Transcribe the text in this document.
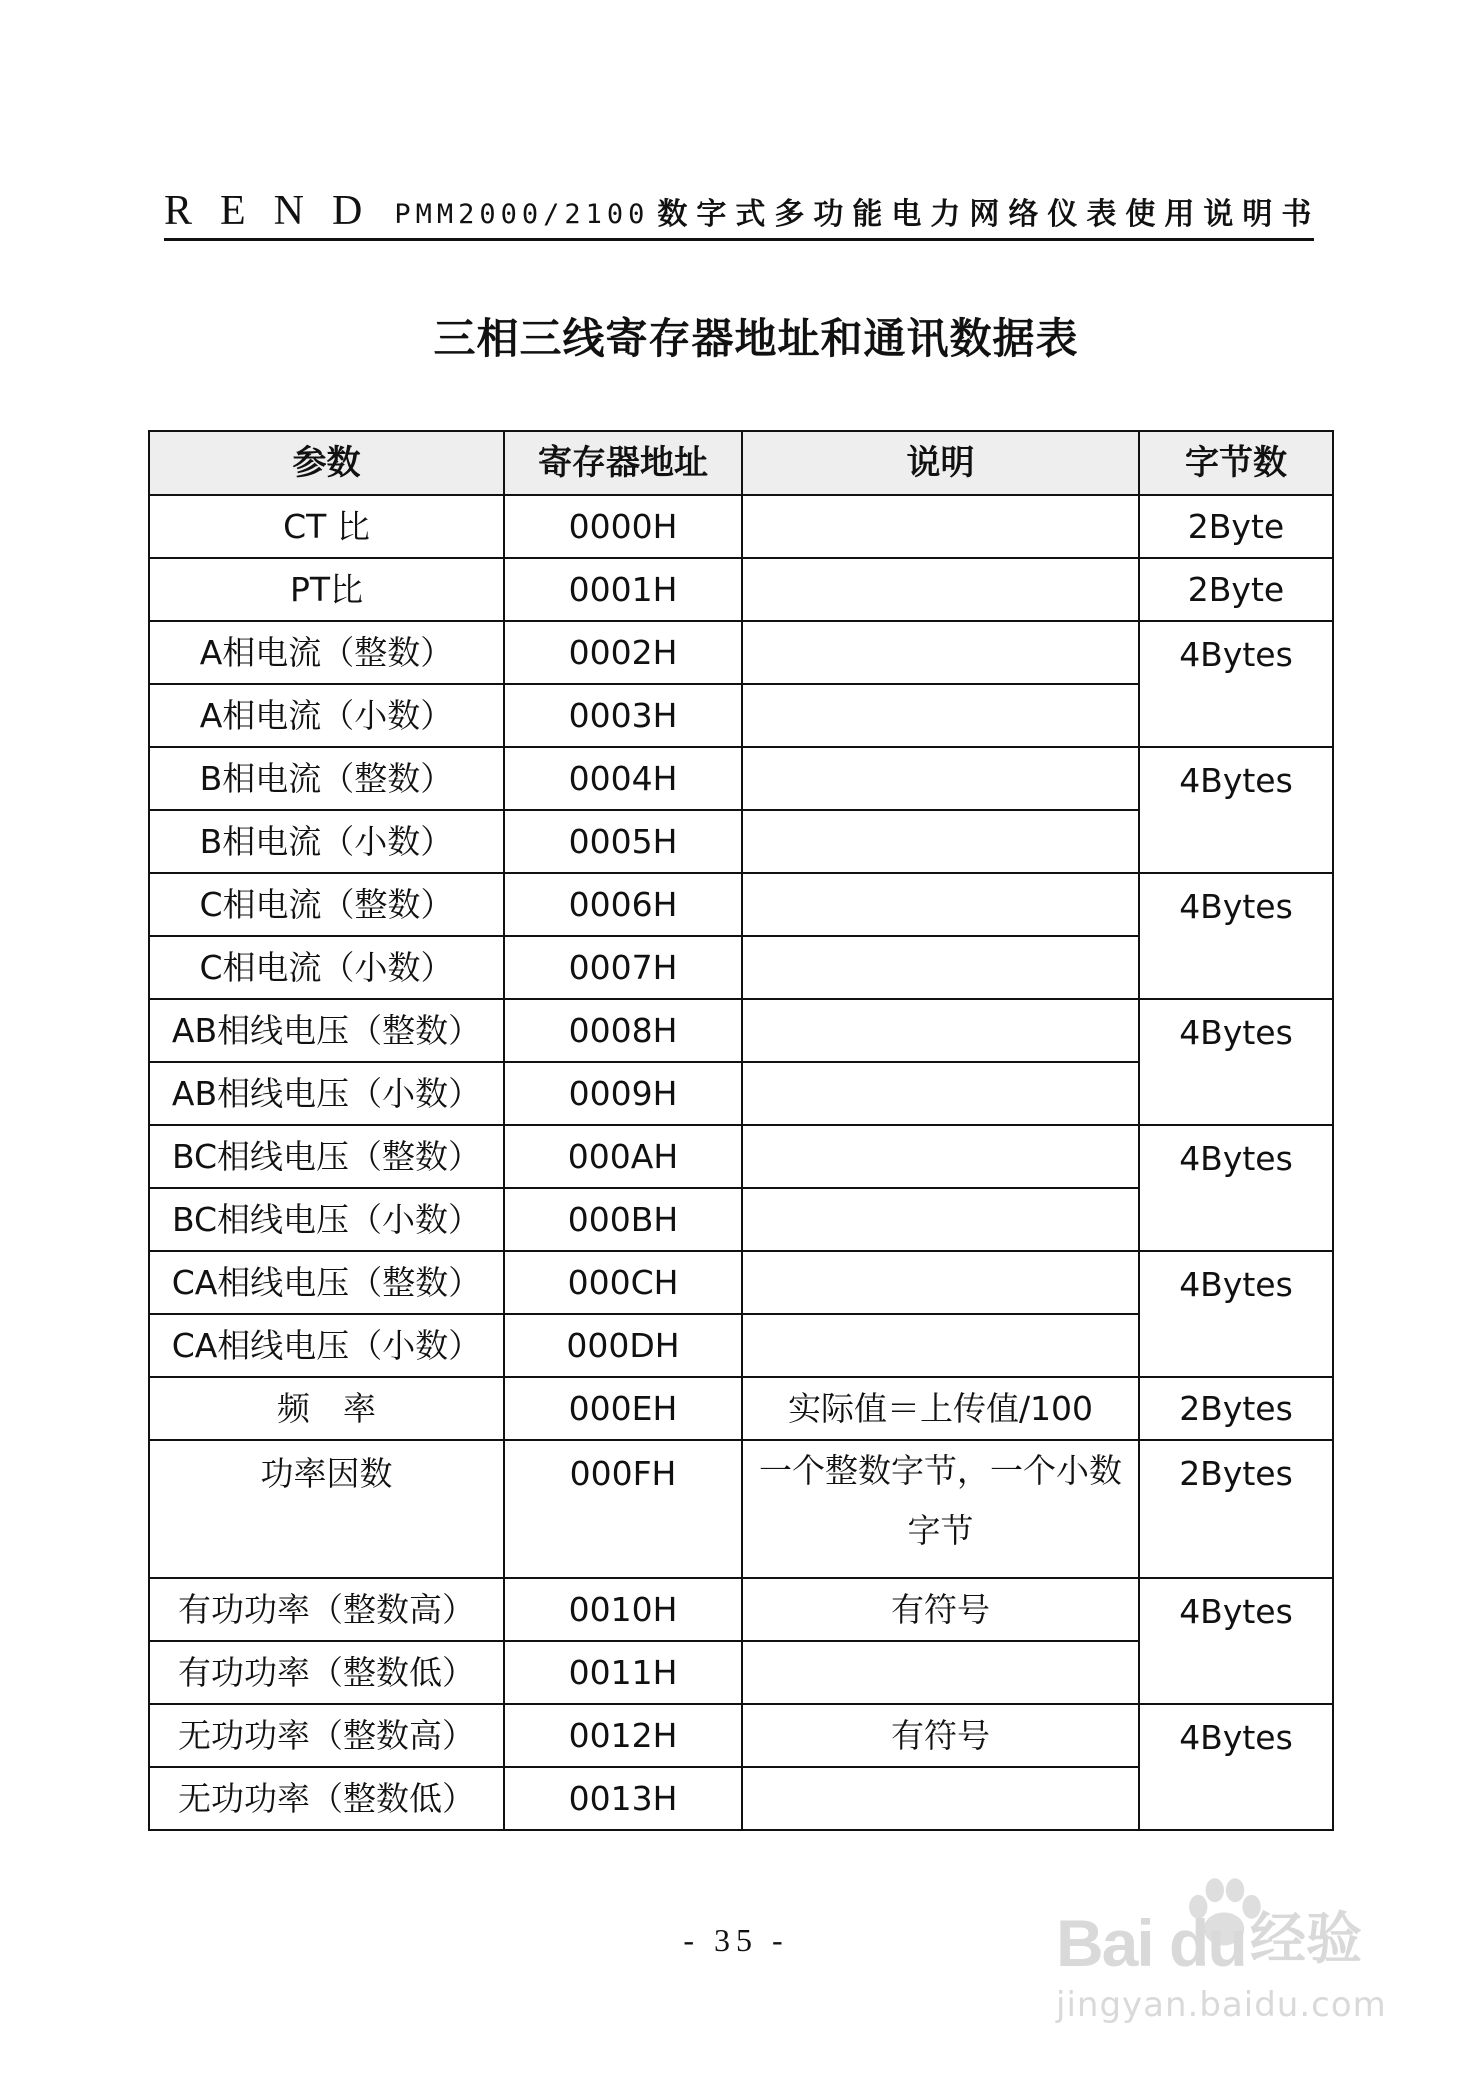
REND PMM2000/2100 数字式多功能电力网络仪表使用说明书
三相三线寄存器地址和通讯数据表
参数	寄存器地址	说明	字节数
CT 比	0000H		2Byte
PT比	0001H		2Byte
A相电流（整数）	0002H		4Bytes
A相电流（小数）	0003H		
B相电流（整数）	0004H		4Bytes
B相电流（小数）	0005H		
C相电流（整数）	0006H		4Bytes
C相电流（小数）	0007H		
AB相线电压（整数）	0008H		4Bytes
AB相线电压（小数）	0009H		
BC相线电压（整数）	000AH		4Bytes
BC相线电压（小数）	000BH		
CA相线电压（整数）	000CH		4Bytes
CA相线电压（小数）	000DH		
频　率	000EH	实际值＝上传值/100	2Bytes
功率因数	000FH	一个整数字节，一个小数字节	2Bytes
有功功率（整数高）	0010H	有符号	4Bytes
有功功率（整数低）	0011H		
无功功率（整数高）	0012H	有符号	4Bytes
无功功率（整数低）	0013H		
- 35 -	Bai du 经验
jingyan.baidu.com
